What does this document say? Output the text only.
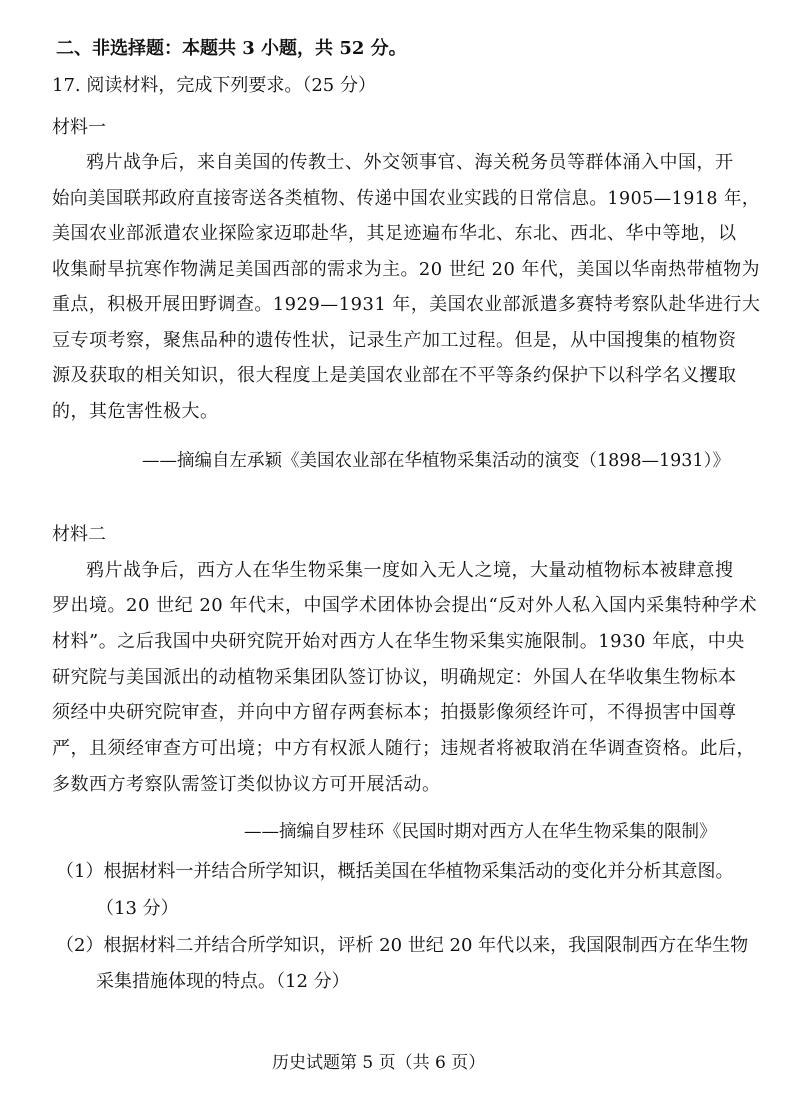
二、非选择题：本题共 3 小题，共 52 分。
17. 阅读材料，完成下列要求。（25 分）
材料一
鸦片战争后，来自美国的传教士、外交领事官、海关税务员等群体涌入中国，开
始向美国联邦政府直接寄送各类植物、传递中国农业实践的日常信息。1905—1918 年，
美国农业部派遣农业探险家迈耶赴华，其足迹遍布华北、东北、西北、华中等地，以
收集耐旱抗寒作物满足美国西部的需求为主。20 世纪 20 年代，美国以华南热带植物为
重点，积极开展田野调查。1929—1931 年，美国农业部派遣多赛特考察队赴华进行大
豆专项考察，聚焦品种的遗传性状，记录生产加工过程。但是，从中国搜集的植物资
源及获取的相关知识，很大程度上是美国农业部在不平等条约保护下以科学名义攫取
的，其危害性极大。
——摘编自左承颖《美国农业部在华植物采集活动的演变（1898—1931）》
材料二
鸦片战争后，西方人在华生物采集一度如入无人之境，大量动植物标本被肆意搜
罗出境。20 世纪 20 年代末，中国学术团体协会提出“反对外人私入国内采集特种学术
材料”。之后我国中央研究院开始对西方人在华生物采集实施限制。1930 年底，中央
研究院与美国派出的动植物采集团队签订协议，明确规定：外国人在华收集生物标本
须经中央研究院审查，并向中方留存两套标本；拍摄影像须经许可，不得损害中国尊
严，且须经审查方可出境；中方有权派人随行；违规者将被取消在华调查资格。此后，
多数西方考察队需签订类似协议方可开展活动。
——摘编自罗桂环《民国时期对西方人在华生物采集的限制》
（1）根据材料一并结合所学知识，概括美国在华植物采集活动的变化并分析其意图。
（13 分）
（2）根据材料二并结合所学知识，评析 20 世纪 20 年代以来，我国限制西方在华生物
采集措施体现的特点。（12 分）
历史试题第 5 页（共 6 页）
